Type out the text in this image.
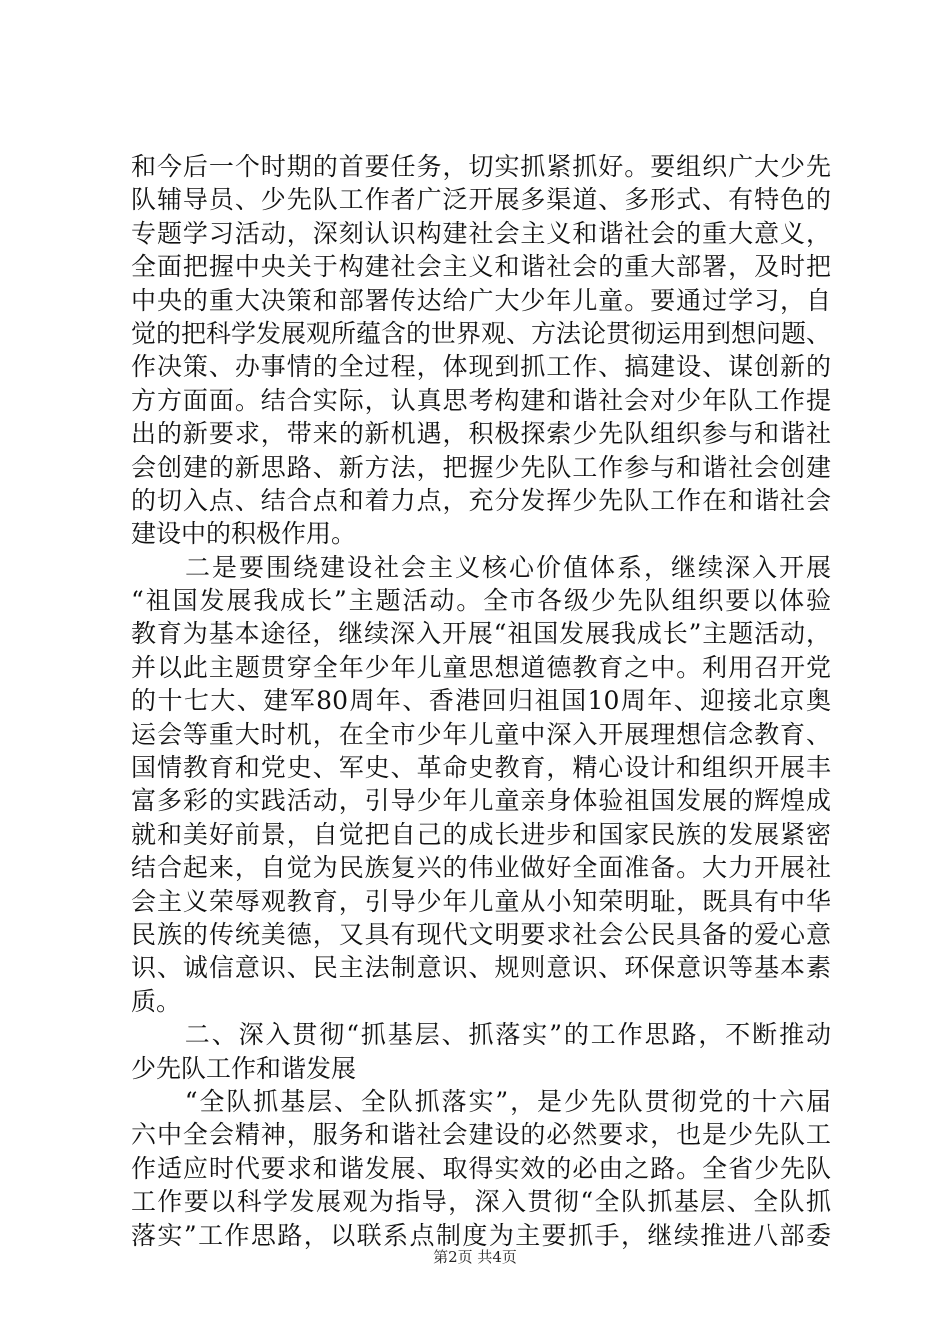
和今后一个时期的首要任务，切实抓紧抓好。要组织广大少先
队辅导员、少先队工作者广泛开展多渠道、多形式、有特色的
专题学习活动，深刻认识构建社会主义和谐社会的重大意义，
全面把握中央关于构建社会主义和谐社会的重大部署，及时把
中央的重大决策和部署传达给广大少年儿童。要通过学习，自
觉的把科学发展观所蕴含的世界观、方法论贯彻运用到想问题、
作决策、办事情的全过程，体现到抓工作、搞建设、谋创新的
方方面面。结合实际，认真思考构建和谐社会对少年队工作提
出的新要求，带来的新机遇，积极探索少先队组织参与和谐社
会创建的新思路、新方法，把握少先队工作参与和谐社会创建
的切入点、结合点和着力点，充分发挥少先队工作在和谐社会
建设中的积极作用。
　　二是要围绕建设社会主义核心价值体系，继续深入开展
“祖国发展我成长”主题活动。全市各级少先队组织要以体验
教育为基本途径，继续深入开展“祖国发展我成长”主题活动，
并以此主题贯穿全年少年儿童思想道德教育之中。利用召开党
的十七大、建军80周年、香港回归祖国10周年、迎接北京奥
运会等重大时机，在全市少年儿童中深入开展理想信念教育、
国情教育和党史、军史、革命史教育，精心设计和组织开展丰
富多彩的实践活动，引导少年儿童亲身体验祖国发展的辉煌成
就和美好前景，自觉把自己的成长进步和国家民族的发展紧密
结合起来，自觉为民族复兴的伟业做好全面准备。大力开展社
会主义荣辱观教育，引导少年儿童从小知荣明耻，既具有中华
民族的传统美德，又具有现代文明要求社会公民具备的爱心意
识、诚信意识、民主法制意识、规则意识、环保意识等基本素
质。
　　二、深入贯彻“抓基层、抓落实”的工作思路，不断推动
少先队工作和谐发展
　　“全队抓基层、全队抓落实”，是少先队贯彻党的十六届
六中全会精神，服务和谐社会建设的必然要求，也是少先队工
作适应时代要求和谐发展、取得实效的必由之路。全省少先队
工作要以科学发展观为指导，深入贯彻“全队抓基层、全队抓
落实”工作思路，以联系点制度为主要抓手，继续推进八部委
第2页 共4页
